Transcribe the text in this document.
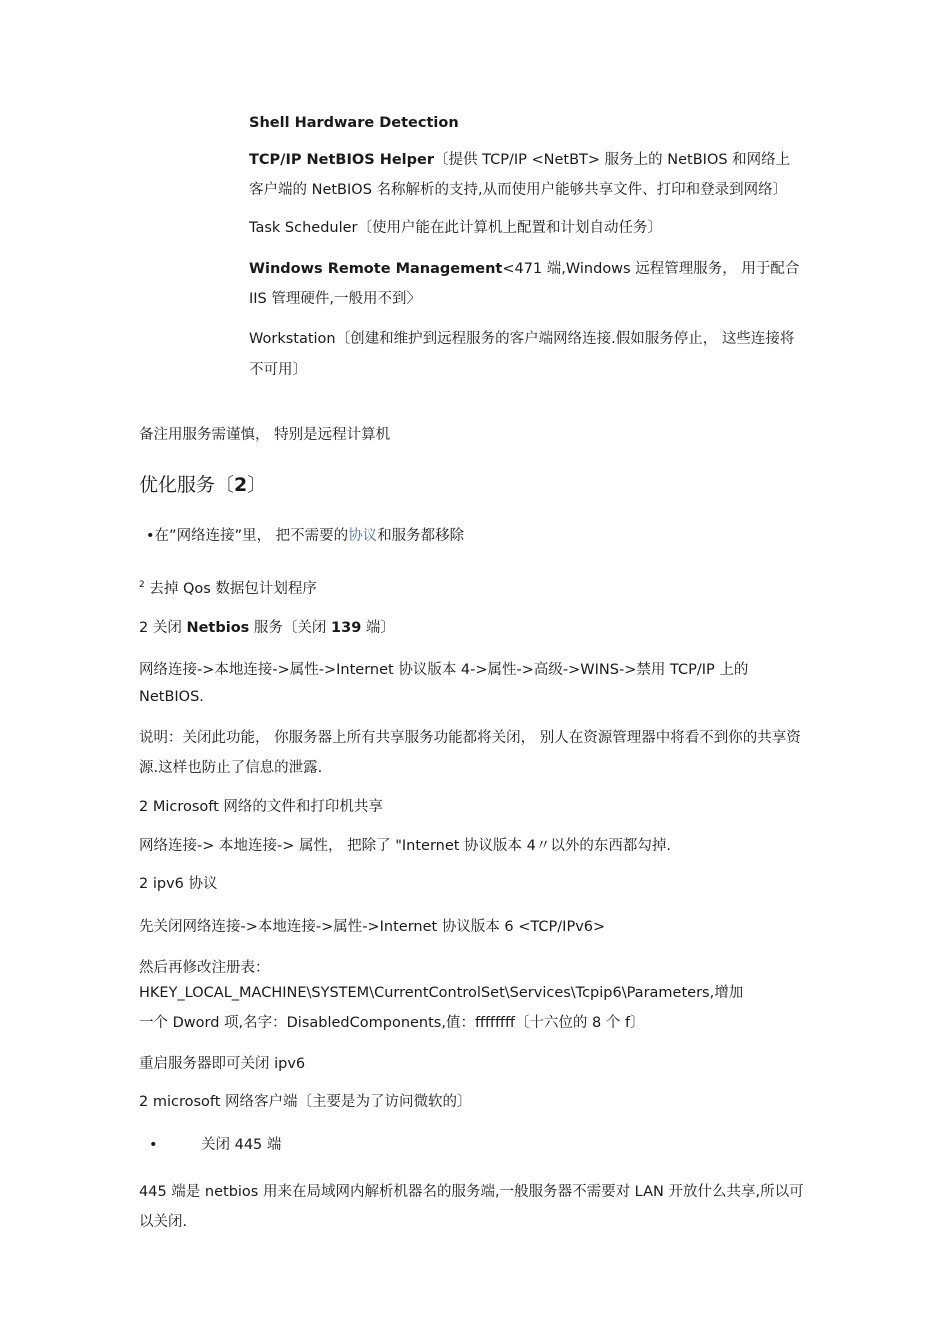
Shell Hardware Detection

TCP/IP NetBIOS Helper〔提供 TCP/IP <NetBT> 服务上的 NetBIOS 和网络上

客户端的 NetBIOS 名称解析的支持,从而使用户能够共享文件、打印和登录到网络〕

Task Scheduler〔使用户能在此计算机上配置和计划自动任务〕

Windows Remote Management<471 端,Windows 远程管理服务， 用于配合

IIS 管理硬件,一般用不到〉

Workstation〔创建和维护到远程服务的客户端网络连接.假如服务停止， 这些连接将

不可用〕

备注用服务需谨慎， 特别是远程计算机

优化服务〔2〕

•在”网络连接”里， 把不需要的协议和服务都移除

$^2$ 去掉 Qos 数据包计划程序

2 关闭 Netbios 服务〔关闭 139 端〕

网络连接->本地连接->属性->Internet 协议版本 4->属性->高级->WINS->禁用 TCP/IP 上的

NetBIOS.

说明：关闭此功能， 你服务器上所有共享服务功能都将关闭， 别人在资源管理器中将看不到你的共享资

源.这样也防止了信息的泄露.

2 Microsoft 网络的文件和打印机共享

网络连接-> 本地连接-> 属性， 把除了 "Internet 协议版本 4〃以外的东西都勾掉.

2 ipv6 协议

先关闭网络连接->本地连接->属性->Internet 协议版本 6 <TCP/IPv6>

然后再修改注册表：

HKEY_LOCAL_MACHINE\SYSTEM\CurrentControlSet\Services\Tcpip6\Parameters,增加

一个 Dword 项,名字：DisabledComponents,值：ffffffff〔十六位的 8 个 f〕

重启服务器即可关闭 ipv6

2 microsoft 网络客户端〔主要是为了访问微软的〕

•	关闭 445 端

445 端是 netbios 用来在局域网内解析机器名的服务端,一般服务器不需要对 LAN 开放什么共享,所以可

以关闭.
